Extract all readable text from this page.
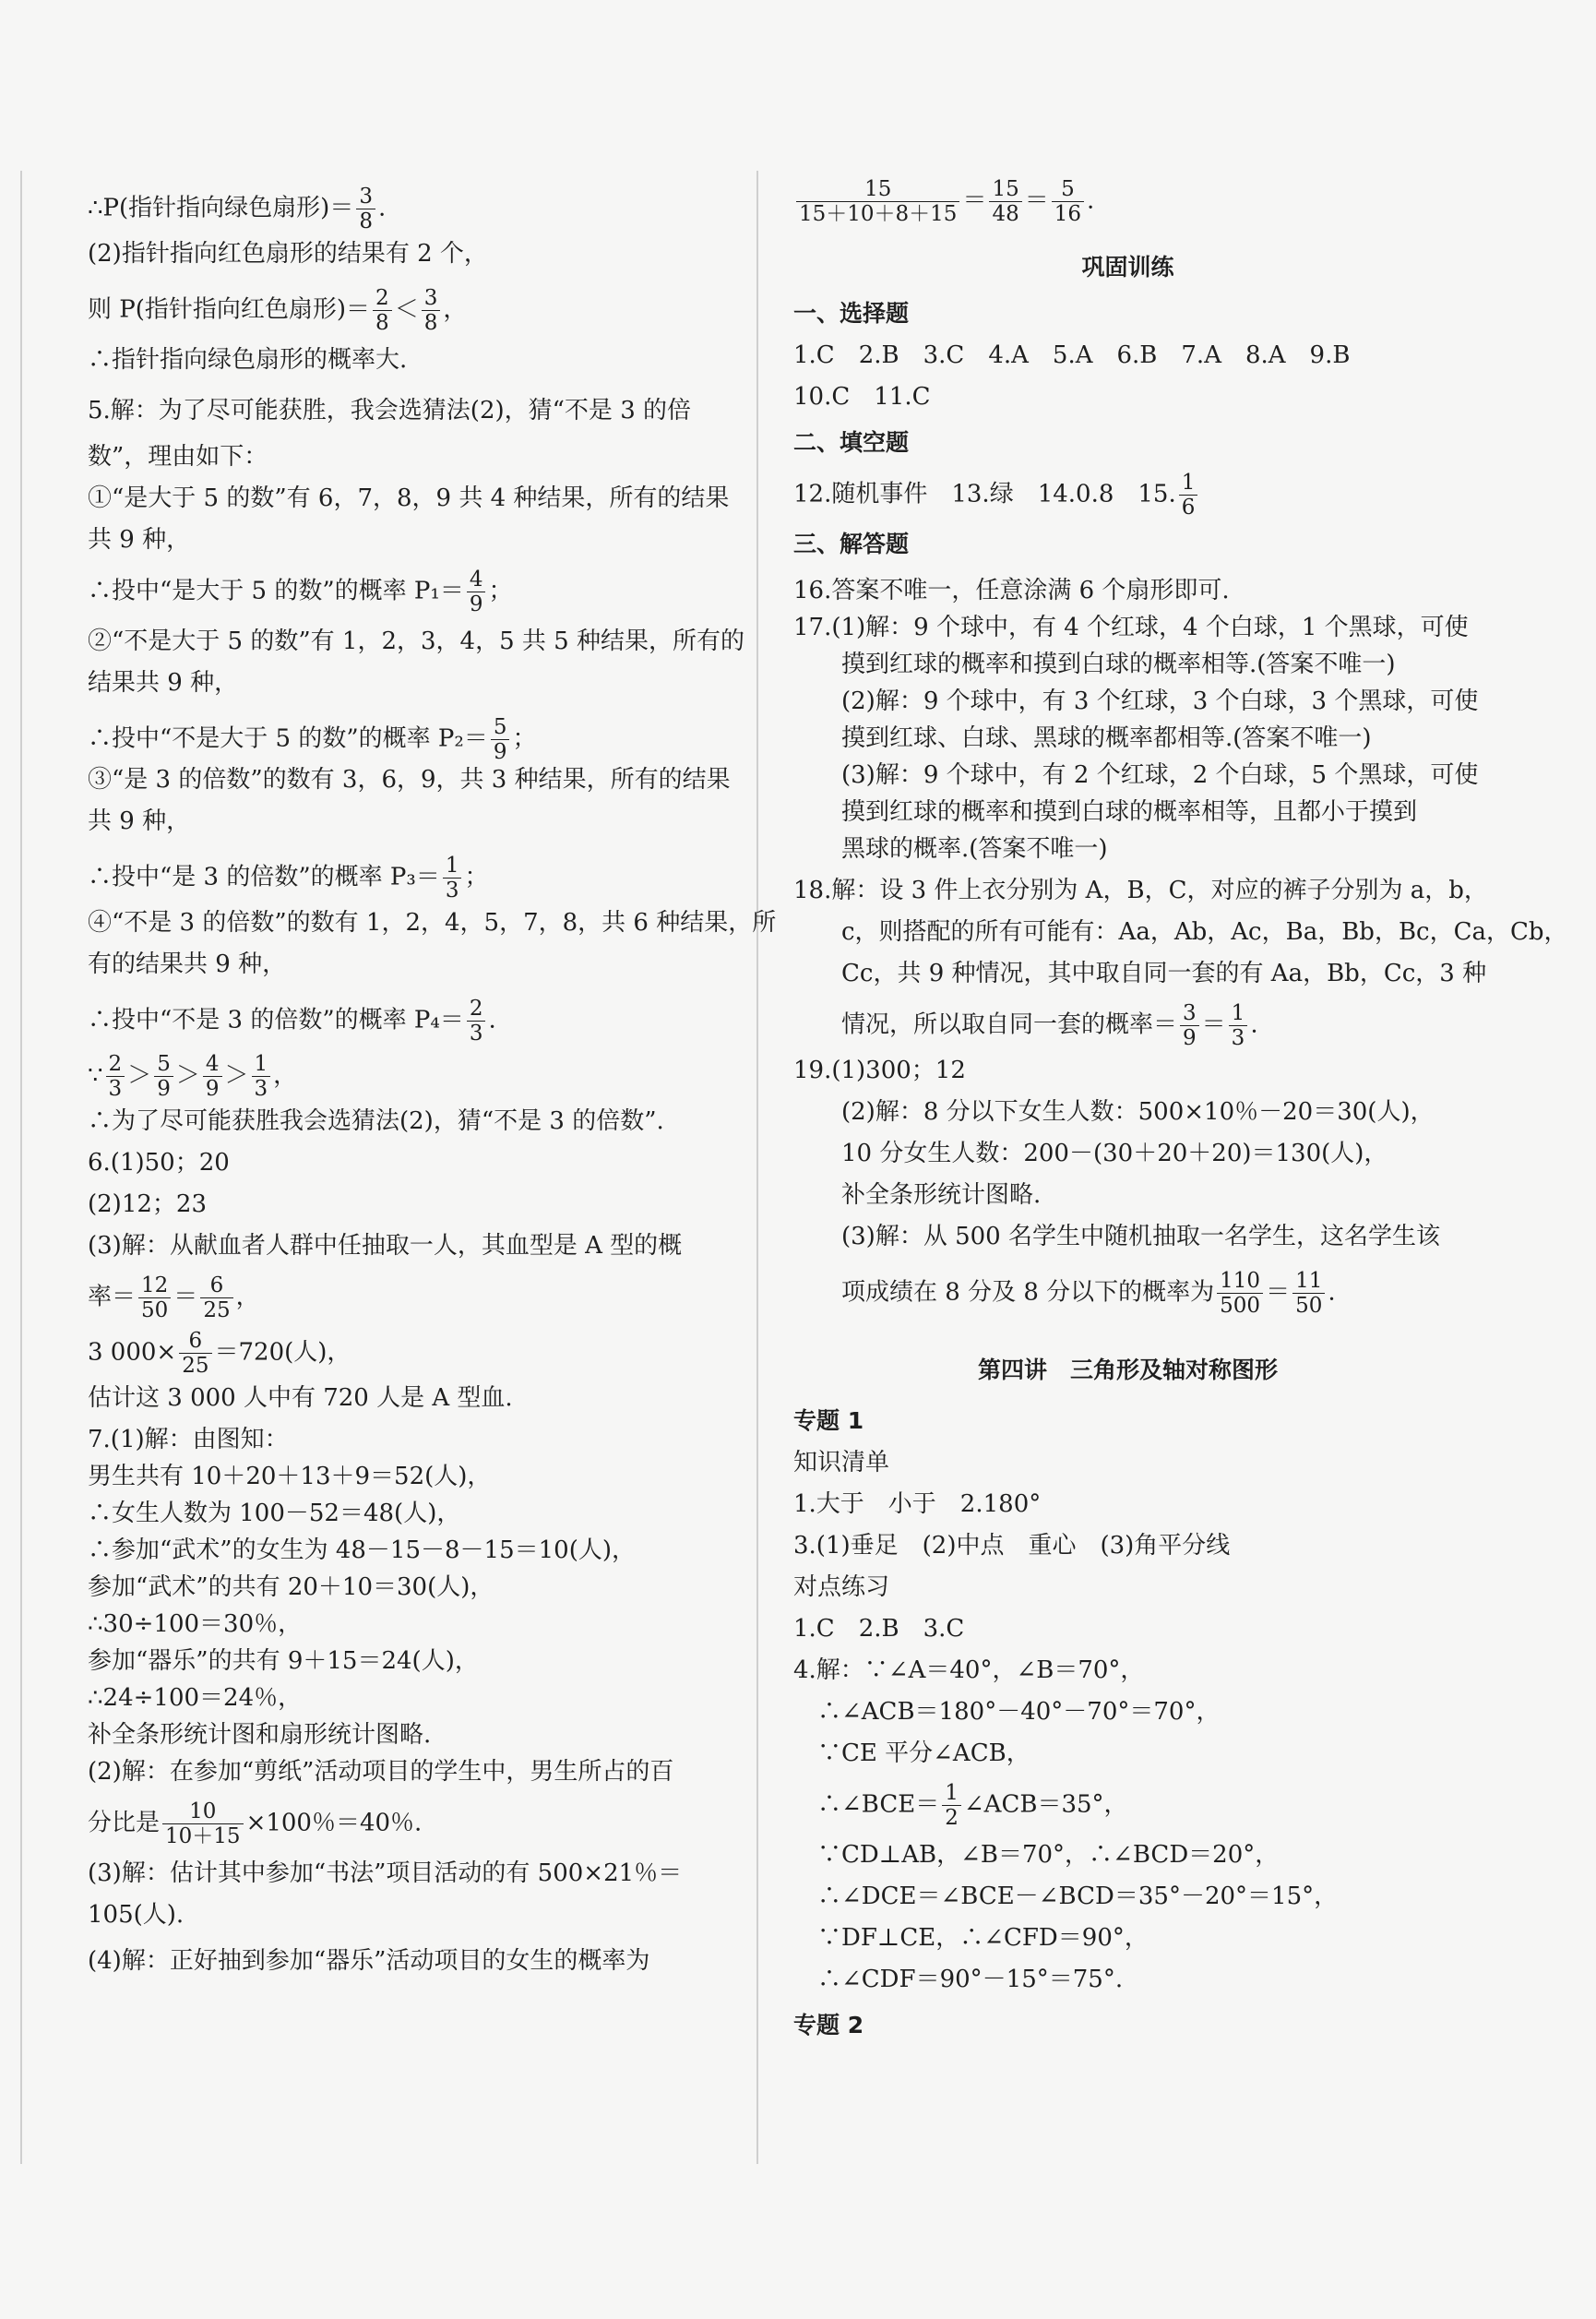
∴P(指针指向绿色扇形)＝ $\frac{3}{8}$ .
(2)指针指向红色扇形的结果有 2 个，
则 P(指针指向红色扇形)＝ $\frac{2}{8} < \frac{3}{8}$ ，
∴指针指向绿色扇形的概率大.
5.解：为了尽可能获胜，我会选猜法(2)，猜“不是 3 的倍
数”，理由如下：
①“是大于 5 的数”有 6，7，8，9 共 4 种结果，所有的结果
共 9 种，
∴投中“是大于 5 的数”的概率 $P_1= \frac{4}{9}$ ；
②“不是大于 5 的数”有 1，2，3，4，5 共 5 种结果，所有的
结果共 9 种，
∴投中“不是大于 5 的数”的概率 $P_2= \frac{5}{9}$ ；
③“是 3 的倍数”的数有 3，6，9，共 3 种结果，所有的结果
共 9 种，
∴投中“是 3 的倍数”的概率 $P_3= \frac{1}{3}$ ；
④“不是 3 的倍数”的数有 1，2，4，5，7，8，共 6 种结果，所
有的结果共 9 种，
∴投中“不是 3 的倍数”的概率 $P_4= \frac{2}{3}$ .
∵ $\frac{2}{3} > \frac{5}{9} > \frac{4}{9} > \frac{1}{3}$ ，
∴为了尽可能获胜我会选猜法(2)，猜“不是 3 的倍数”.
6.(1)50；20
(2)12；23
(3)解：从献血者人群中任抽取一人，其血型是 A 型的概
率＝ $\frac{12}{50} = \frac{6}{25}$ ，
3 $000\times \frac{6}{25} =720$(人)，
估计这 3 000 人中有 720 人是 A 型血.
7.(1)解：由图知：
男生共有 10＋20＋13＋9＝52(人)，
∴女生人数为 100－52＝48(人)，
∴参加“武术”的女生为 48－15－8－15＝10(人)，
参加“武术”的共有 20＋10＝30(人)，
∴30÷100＝30％，
参加“器乐”的共有 9＋15＝24(人)，
∴24÷100＝24％，
补全条形统计图和扇形统计图略.
(2)解：在参加“剪纸”活动项目的学生中，男生所占的百
分比是 $\frac{10}{10+15} \times 100$％＝40％.
(3)解：估计其中参加“书法”项目活动的有 500×21％＝
105(人).
(4)解：正好抽到参加“器乐”活动项目的女生的概率为
$\frac{15}{15+10+8+15} = \frac{15}{48} = \frac{5}{16}$ .
巩固训练
一、选择题
1.C　2.B　3.C　4.A　5.A　6.B　7.A　8.A　9.B
10.C　11.C
二、填空题
12.随机事件　13.绿　14.0.8　15. $\frac{1}{6}$
三、解答题
16.答案不唯一，任意涂满 6 个扇形即可.
17.(1)解：9 个球中，有 4 个红球，4 个白球，1 个黑球，可使
　　摸到红球的概率和摸到白球的概率相等.(答案不唯一)
　　(2)解：9 个球中，有 3 个红球，3 个白球，3 个黑球，可使
　　摸到红球、白球、黑球的概率都相等.(答案不唯一)
　　(3)解：9 个球中，有 2 个红球，2 个白球，5 个黑球，可使
　　摸到红球的概率和摸到白球的概率相等，且都小于摸到
　　黑球的概率.(答案不唯一)
18.解：设 3 件上衣分别为 A，B，C，对应的裤子分别为 a，b，
　　c，则搭配的所有可能有：Aa，Ab，Ac，Ba，Bb，Bc，Ca，Cb，
　　Cc，共 9 种情况，其中取自同一套的有 Aa，Bb，Cc，3 种
　　情况，所以取自同一套的概率＝ $\frac{3}{9} = \frac{1}{3}$ .
19.(1)300；12
　　(2)解：8 分以下女生人数：500×10％－20＝30(人)，
　　10 分女生人数：200－(30＋20＋20)＝130(人)，
　　补全条形统计图略.
　　(3)解：从 500 名学生中随机抽取一名学生，这名学生该
　　项成绩在 8 分及 8 分以下的概率为 $\frac{110}{500} = \frac{11}{50}$ .
第四讲　三角形及轴对称图形
专题 1
知识清单
1.大于　小于　2.180°
3.(1)垂足　(2)中点　重心　(3)角平分线
对点练习
1.C　2.B　3.C
4.解：∵∠A＝40°，∠B＝70°，
　∴∠ACB＝180°－40°－70°＝70°，
　∵CE 平分∠ACB，
　∴∠BCE＝ $\frac{1}{2}$ ∠ACB＝35°，
　∵CD⊥AB，∠B＝70°，∴∠BCD＝20°，
　∴∠DCE＝∠BCE－∠BCD＝35°－20°＝15°，
　∵DF⊥CE，∴∠CFD＝90°，
　∴∠CDF＝90°－15°＝75°.
专题 2
